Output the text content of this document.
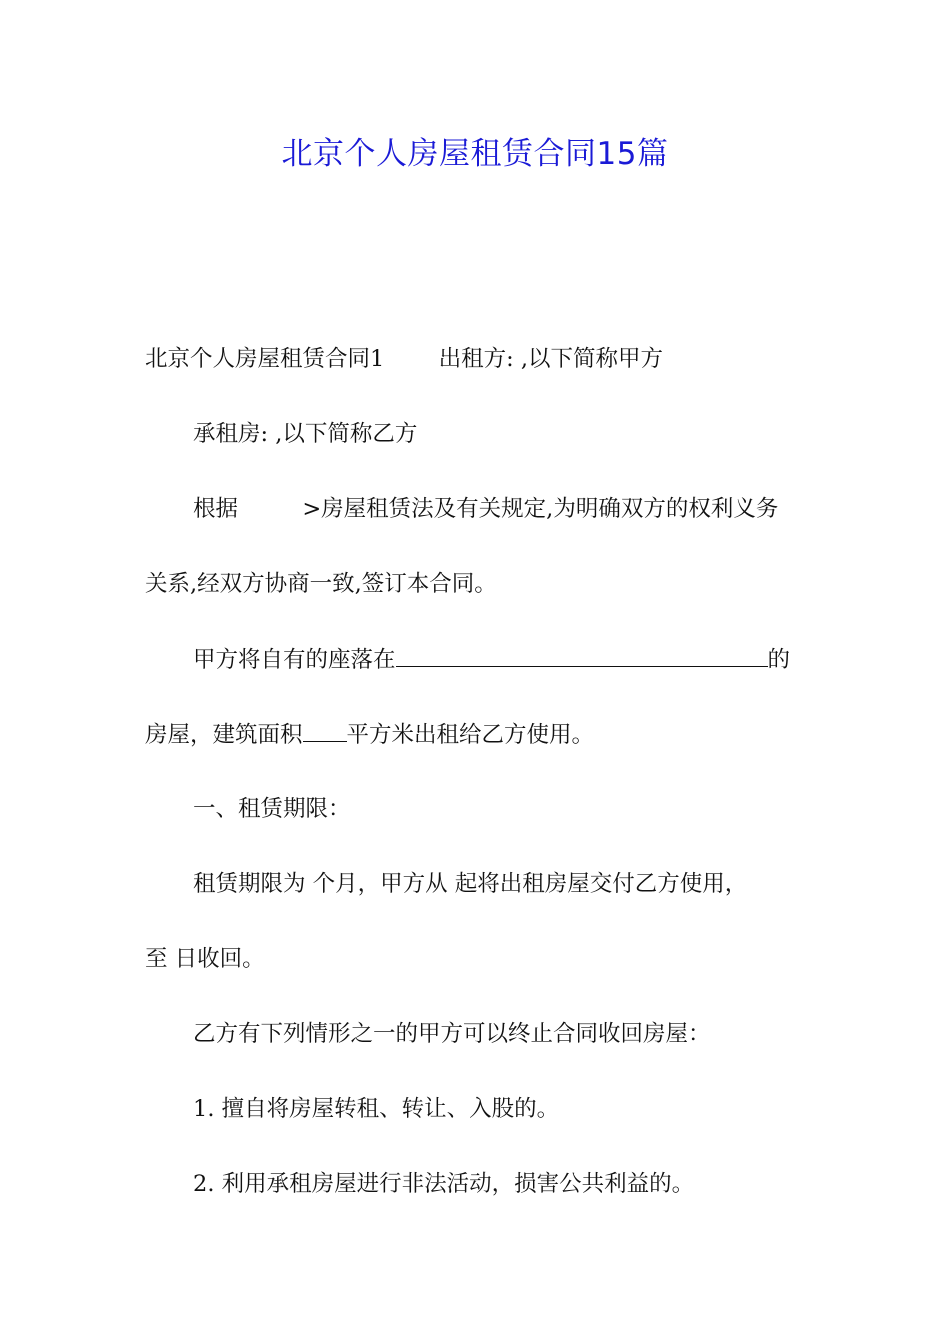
北京个人房屋租赁合同15篇
北京个人房屋租赁合同1 出租方: ,以下简称甲方
承租房: ,以下简称乙方
根据	>房屋租赁法及有关规定,为明确双方的权利义务
关系,经双方协商一致,签订本合同。
甲方将自有的座落在	的
房屋，建筑面积 平方米出租给乙方使用。
一、租赁期限：
租赁期限为 个月，甲方从 起将出租房屋交付乙方使用，
至 日收回。
乙方有下列情形之一的甲方可以终止合同收回房屋：
1. 擅自将房屋转租、转让、入股的。
2. 利用承租房屋进行非法活动，损害公共利益的。
